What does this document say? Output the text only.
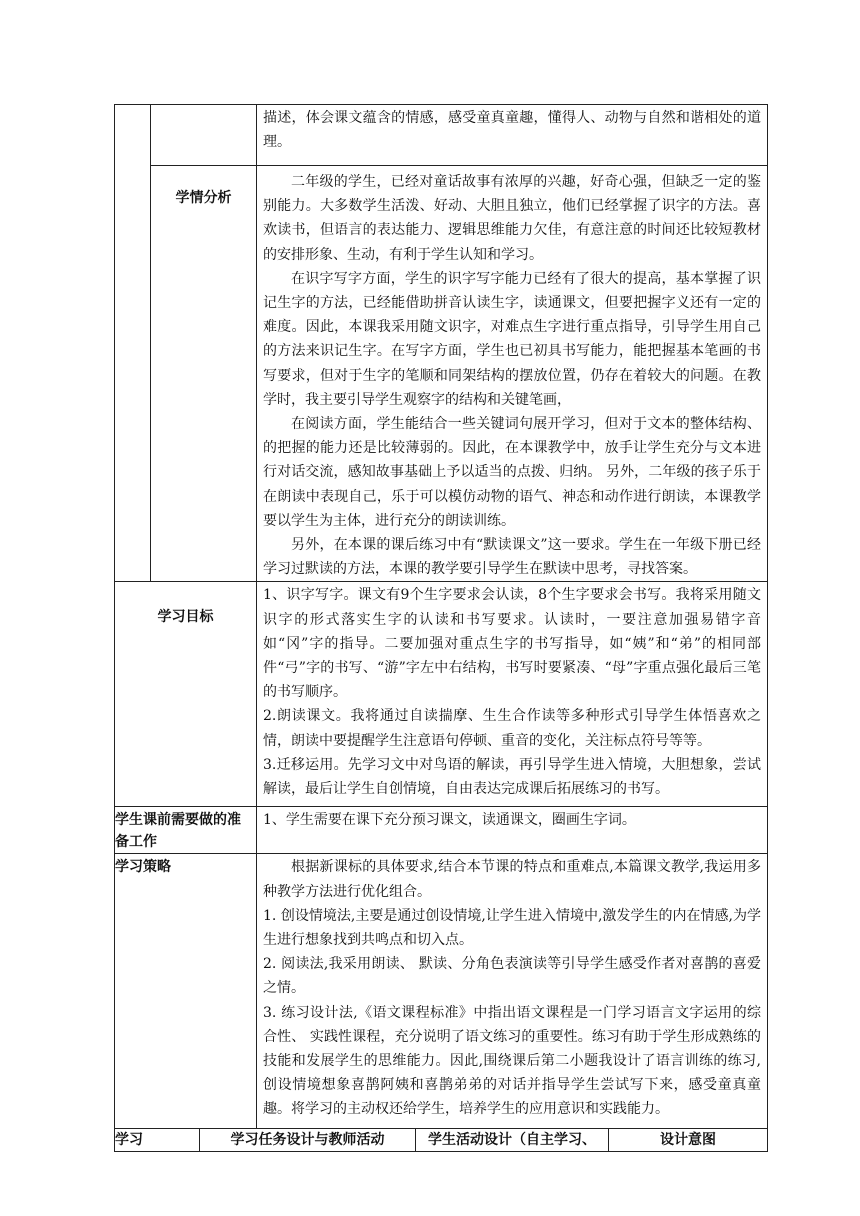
			描述，体会课文蕴含的情感，感受童真童趣，懂得人、动物与自然和谐相处的道理。		

	学情分析		二年级的学生，已经对童话故事有浓厚的兴趣，好奇心强，但缺乏一定的鉴别能力。大多数学生活泼、好动、大胆且独立，他们已经掌握了识字的方法。喜欢读书，但语言的表达能力、逻辑思维能力欠佳，有意注意的时间还比较短教材的安排形象、生动，有利于学生认知和学习。

在识字写字方面，学生的识字写字能力已经有了很大的提高，基本掌握了识记生字的方法，已经能借助拼音认读生字，读通课文，但要把握字义还有一定的难度。因此，本课我采用随文识字，对难点生字进行重点指导，引导学生用自己的方法来识记生字。在写字方面，学生也已初具书写能力，能把握基本笔画的书写要求，但对于生字的笔顺和同架结构的摆放位置，仍存在着较大的问题。在教学时，我主要引导学生观察字的结构和关键笔画，

在阅读方面，学生能结合一些关键词句展开学习，但对于文本的整体结构、的把握的能力还是比较薄弱的。因此，在本课教学中，放手让学生充分与文本进行对话交流，感知故事基础上予以适当的点拨、归纳。 另外，二年级的孩子乐于在朗读中表现自己，乐于可以模仿动物的语气、神态和动作进行朗读，本课教学要以学生为主体，进行充分的朗读训练。

另外，在本课的课后练习中有“默读课文”这一要求。学生在一年级下册已经学习过默读的方法，本课的教学要引导学生在默读中思考，寻找答案。		

学习目标			1、识字写字。课文有9个生字要求会认读，8个生字要求会书写。我将采用随文识字的形式落实生字的认读和书写要求。认读时，一要注意加强易错字音如“冈”字的指导。二要加强对重点生字的书写指导，如“姨”和“弟”的相同部件“弓”字的书写、“游”字左中右结构，书写时要紧凑、“母”字重点强化最后三笔的书写顺序。

2.朗读课文。我将通过自读揣摩、生生合作读等多种形式引导学生体悟喜欢之情，朗读中要提醒学生注意语句停顿、重音的变化，关注标点符号等等。

3.迁移运用。先学习文中对鸟语的解读，再引导学生进入情境，大胆想象，尝试解读，最后让学生自创情境，自由表达完成课后拓展练习的书写。		

学生课前需要做的准备工作			1、学生需要在课下充分预习课文，读通课文，圈画生字词。		

学习策略			根据新课标的具体要求,结合本节课的特点和重难点,本篇课文教学,我运用多种教学方法进行优化组合。

1. 创设情境法,主要是通过创设情境,让学生进入情境中,激发学生的内在情感,为学生进行想象找到共鸣点和切入点。

2. 阅读法,我采用朗读、 默读、分角色表演读等引导学生感受作者对喜鹊的喜爱之情。

3. 练习设计法,《语文课程标准》中指出语文课程是一门学习语言文字运用的综合性、 实践性课程，充分说明了语文练习的重要性。练习有助于学生形成熟练的技能和发展学生的思维能力。因此,围绕课后第二小题我设计了语言训练的练习,创设情境想象喜鹊阿姨和喜鹊弟弟的对话并指导学生尝试写下来，感受童真童趣。将学习的主动权还给学生，培养学生的应用意识和实践能力。		

学习		学习任务设计与教师活动		学生活动设计（自主学习、	设计意图
